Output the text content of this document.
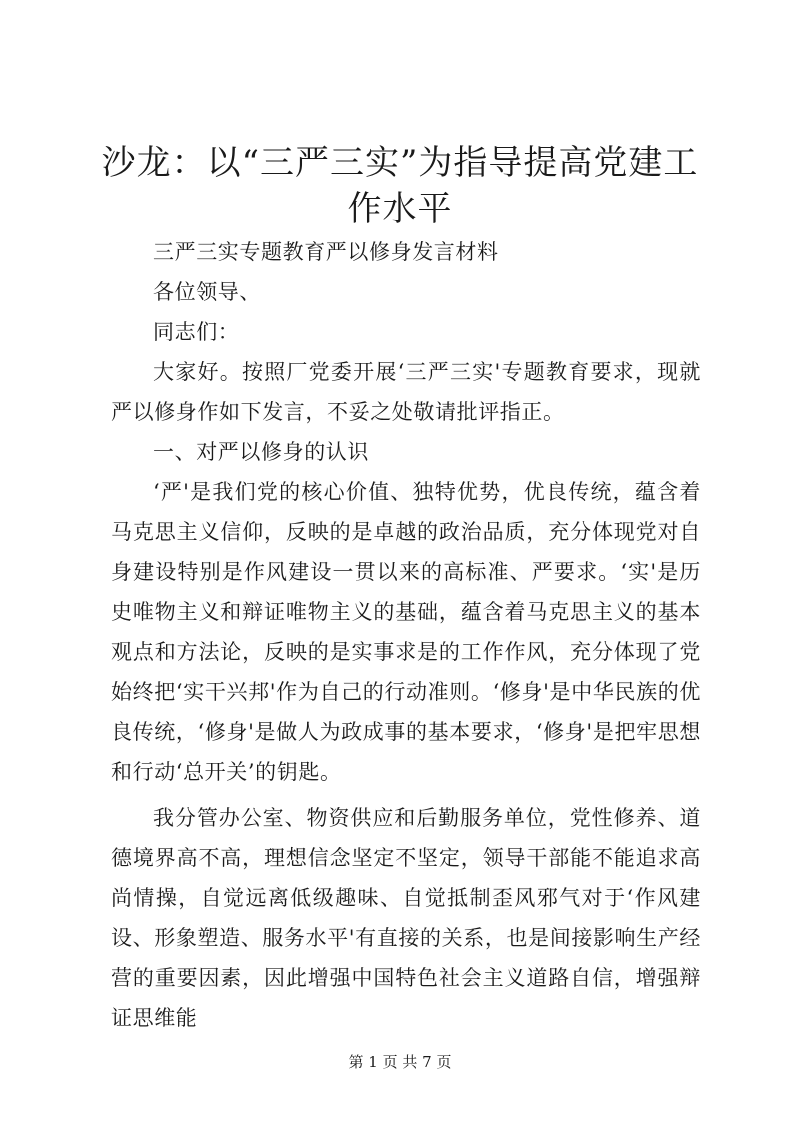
沙龙：以“三严三实”为指导提高党建工作水平

三严三实专题教育严以修身发言材料

各位领导、

同志们：

大家好。按照厂党委开展‘三严三实'专题教育要求，现就严以修身作如下发言，不妥之处敬请批评指正。

一、对严以修身的认识

‘严'是我们党的核心价值、独特优势，优良传统，蕴含着马克思主义信仰，反映的是卓越的政治品质，充分体现党对自身建设特别是作风建设一贯以来的高标准、严要求。‘实'是历史唯物主义和辩证唯物主义的基础，蕴含着马克思主义的基本观点和方法论，反映的是实事求是的工作作风，充分体现了党始终把‘实干兴邦'作为自己的行动准则。‘修身'是中华民族的优良传统，‘修身'是做人为政成事的基本要求，‘修身'是把牢思想和行动‘总开关’的钥匙。

我分管办公室、物资供应和后勤服务单位，党性修养、道德境界高不高，理想信念坚定不坚定，领导干部能不能追求高尚情操，自觉远离低级趣味、自觉抵制歪风邪气对于‘作风建设、形象塑造、服务水平'有直接的关系，也是间接影响生产经营的重要因素，因此增强中国特色社会主义道路自信，增强辩证思维能

第 1 页 共 7 页
